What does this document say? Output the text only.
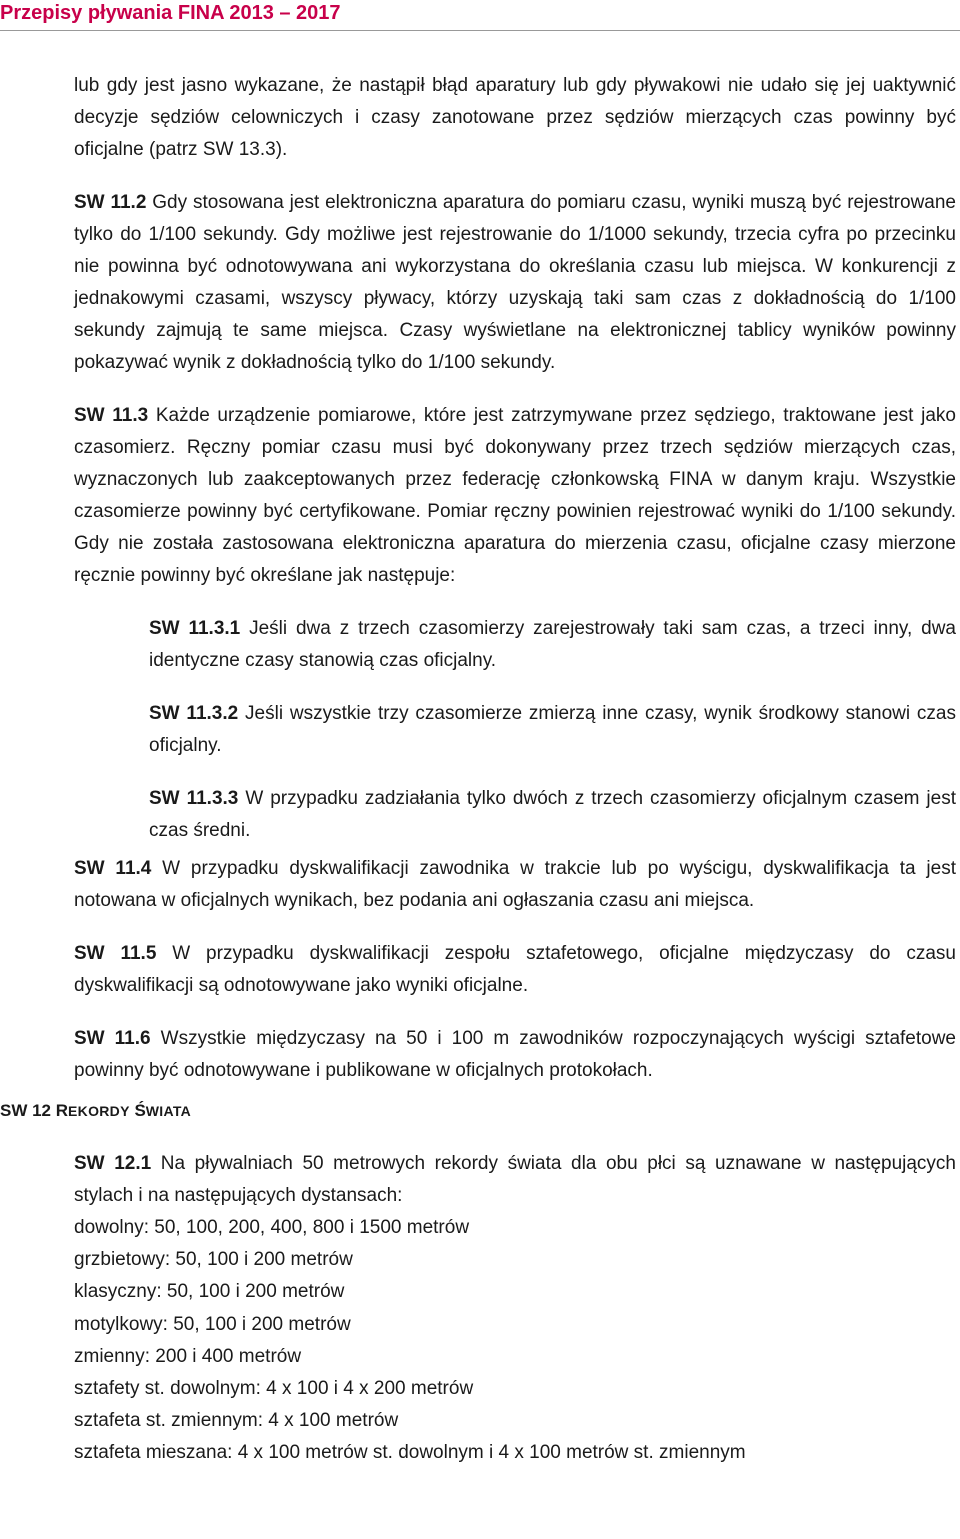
Przepisy pływania FINA 2013 – 2017

lub gdy jest jasno wykazane, że nastąpił błąd aparatury lub gdy pływakowi nie udało się jej uaktywnić decyzje sędziów celowniczych i czasy zanotowane przez sędziów mierzących czas powinny być oficjalne (patrz SW 13.3).

SW 11.2 Gdy stosowana jest elektroniczna aparatura do pomiaru czasu, wyniki muszą być rejestrowane tylko do 1/100 sekundy. Gdy możliwe jest rejestrowanie do 1/1000 sekundy, trzecia cyfra po przecinku nie powinna być odnotowywana ani wykorzystana do określania czasu lub miejsca. W konkurencji z jednakowymi czasami, wszyscy pływacy, którzy uzyskają taki sam czas z dokładnością do 1/100 sekundy zajmują te same miejsca. Czasy wyświetlane na elektronicznej tablicy wyników powinny pokazywać wynik z dokładnością tylko do 1/100 sekundy.

SW 11.3 Każde urządzenie pomiarowe, które jest zatrzymywane przez sędziego, traktowane jest jako czasomierz. Ręczny pomiar czasu musi być dokonywany przez trzech sędziów mierzących czas, wyznaczonych lub zaakceptowanych przez federację członkowską FINA w danym kraju. Wszystkie czasomierze powinny być certyfikowane. Pomiar ręczny powinien rejestrować wyniki do 1/100 sekundy. Gdy nie została zastosowana elektroniczna aparatura do mierzenia czasu, oficjalne czasy mierzone ręcznie powinny być określane jak następuje:

SW 11.3.1 Jeśli dwa z trzech czasomierzy zarejestrowały taki sam czas, a trzeci inny, dwa identyczne czasy stanowią czas oficjalny.

SW 11.3.2 Jeśli wszystkie trzy czasomierze zmierzą inne czasy, wynik środkowy stanowi czas oficjalny.

SW 11.3.3 W przypadku zadziałania tylko dwóch z trzech czasomierzy oficjalnym czasem jest czas średni.

SW 11.4 W przypadku dyskwalifikacji zawodnika w trakcie lub po wyścigu, dyskwalifikacja ta jest notowana w oficjalnych wynikach, bez podania ani ogłaszania czasu ani miejsca.

SW 11.5 W przypadku dyskwalifikacji zespołu sztafetowego, oficjalne międzyczasy do czasu dyskwalifikacji są odnotowywane jako wyniki oficjalne.

SW 11.6 Wszystkie międzyczasy na 50 i 100 m zawodników rozpoczynających wyścigi sztafetowe powinny być odnotowywane i publikowane w oficjalnych protokołach.

SW 12 REKORDY ŚWIATA

SW 12.1 Na pływalniach 50 metrowych rekordy świata dla obu płci są uznawane w następujących stylach i na następujących dystansach:

dowolny: 50, 100, 200, 400, 800 i 1500 metrów

grzbietowy: 50, 100 i 200 metrów

klasyczny: 50, 100 i 200 metrów

motylkowy: 50, 100 i 200 metrów

zmienny: 200 i 400 metrów

sztafety st. dowolnym: 4 x 100 i 4 x 200 metrów

sztafeta st. zmiennym: 4 x 100 metrów

sztafeta mieszana: 4 x 100 metrów st. dowolnym i 4 x 100 metrów st. zmiennym
